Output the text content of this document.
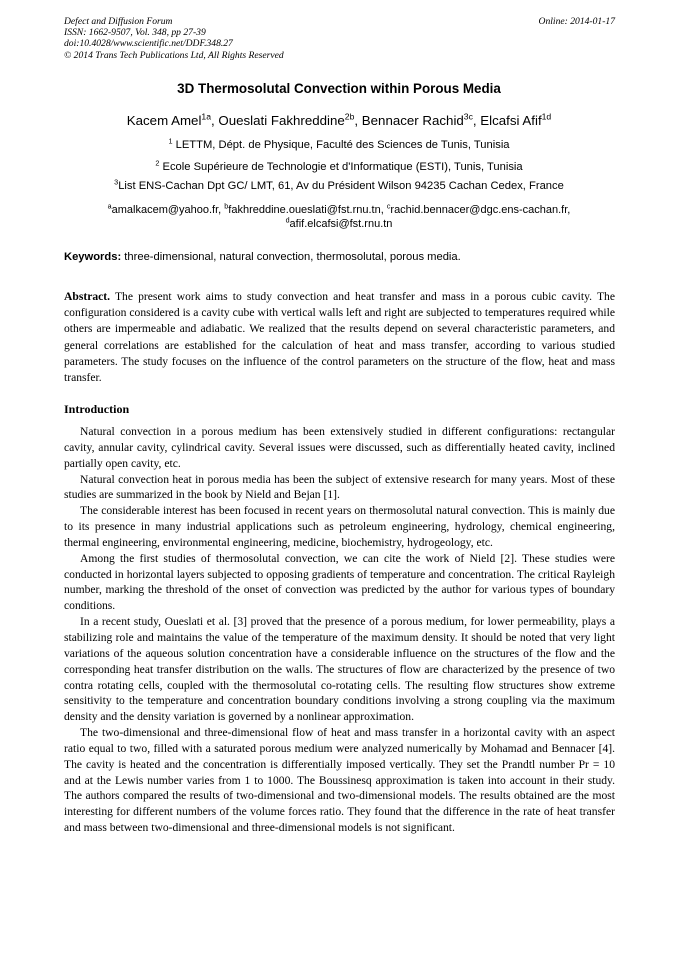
Defect and Diffusion Forum
ISSN: 1662-9507, Vol. 348, pp 27-39
doi:10.4028/www.scientific.net/DDF.348.27
© 2014 Trans Tech Publications Ltd, All Rights Reserved
Online: 2014-01-17
3D Thermosolutal Convection within Porous Media
Kacem Amel$^{1a}$, Oueslati Fakhreddine$^{2b}$, Bennacer Rachid$^{3c}$, Elcafsi Afif$^{1d}$
$^1$ LETTM, Dépt. de Physique, Faculté des Sciences de Tunis, Tunisia
$^2$ Ecole Supérieure de Technologie et d'Informatique (ESTI), Tunis, Tunisia
$^3$List ENS-Cachan Dpt GC/ LMT, 61, Av du Président Wilson 94235 Cachan Cedex, France
$^a$amalkacem@yahoo.fr, $^b$fakhreddine.oueslati@fst.rnu.tn, $^c$rachid.bennacer@dgc.ens-cachan.fr,
$^d$afif.elcafsi@fst.rnu.tn
Keywords: three-dimensional, natural convection, thermosolutal, porous media.
Abstract. The present work aims to study convection and heat transfer and mass in a porous cubic cavity. The configuration considered is a cavity cube with vertical walls left and right are subjected to temperatures required while others are impermeable and adiabatic. We realized that the results depend on several characteristic parameters, and general correlations are established for the calculation of heat and mass transfer, according to various studied parameters. The study focuses on the influence of the control parameters on the structure of the flow, heat and mass transfer.
Introduction

Natural convection in a porous medium has been extensively studied in different configurations: rectangular cavity, annular cavity, cylindrical cavity. Several issues were discussed, such as differentially heated cavity, inclined partially open cavity, etc.

Natural convection heat in porous media has been the subject of extensive research for many years. Most of these studies are summarized in the book by Nield and Bejan [1].

The considerable interest has been focused in recent years on thermosolutal natural convection. This is mainly due to its presence in many industrial applications such as petroleum engineering, hydrology, chemical engineering, thermal engineering, environmental engineering, medicine, biochemistry, hydrogeology, etc.

Among the first studies of thermosolutal convection, we can cite the work of Nield [2]. These studies were conducted in horizontal layers subjected to opposing gradients of temperature and concentration. The critical Rayleigh number, marking the threshold of the onset of convection was predicted by the author for various types of boundary conditions.

In a recent study, Oueslati et al. [3] proved that the presence of a porous medium, for lower permeability, plays a stabilizing role and maintains the value of the temperature of the maximum density. It should be noted that very light variations of the aqueous solution concentration have a considerable influence on the structures of the flow and the corresponding heat transfer distribution on the walls. The structures of flow are characterized by the presence of two contra rotating cells, coupled with the thermosolutal co-rotating cells. The resulting flow structures show extreme sensitivity to the temperature and concentration boundary conditions involving a strong coupling via the maximum density and the density variation is governed by a nonlinear approximation.

The two-dimensional and three-dimensional flow of heat and mass transfer in a horizontal cavity with an aspect ratio equal to two, filled with a saturated porous medium were analyzed numerically by Mohamad and Bennacer [4]. The cavity is heated and the concentration is differentially imposed vertically. They set the Prandtl number Pr = 10 and at the Lewis number varies from 1 to 1000. The Boussinesq approximation is taken into account in their study. The authors compared the results of two-dimensional and two-dimensional models. The results obtained are the most interesting for different numbers of the volume forces ratio. They found that the difference in the rate of heat transfer and mass between two-dimensional and three-dimensional models is not significant.
